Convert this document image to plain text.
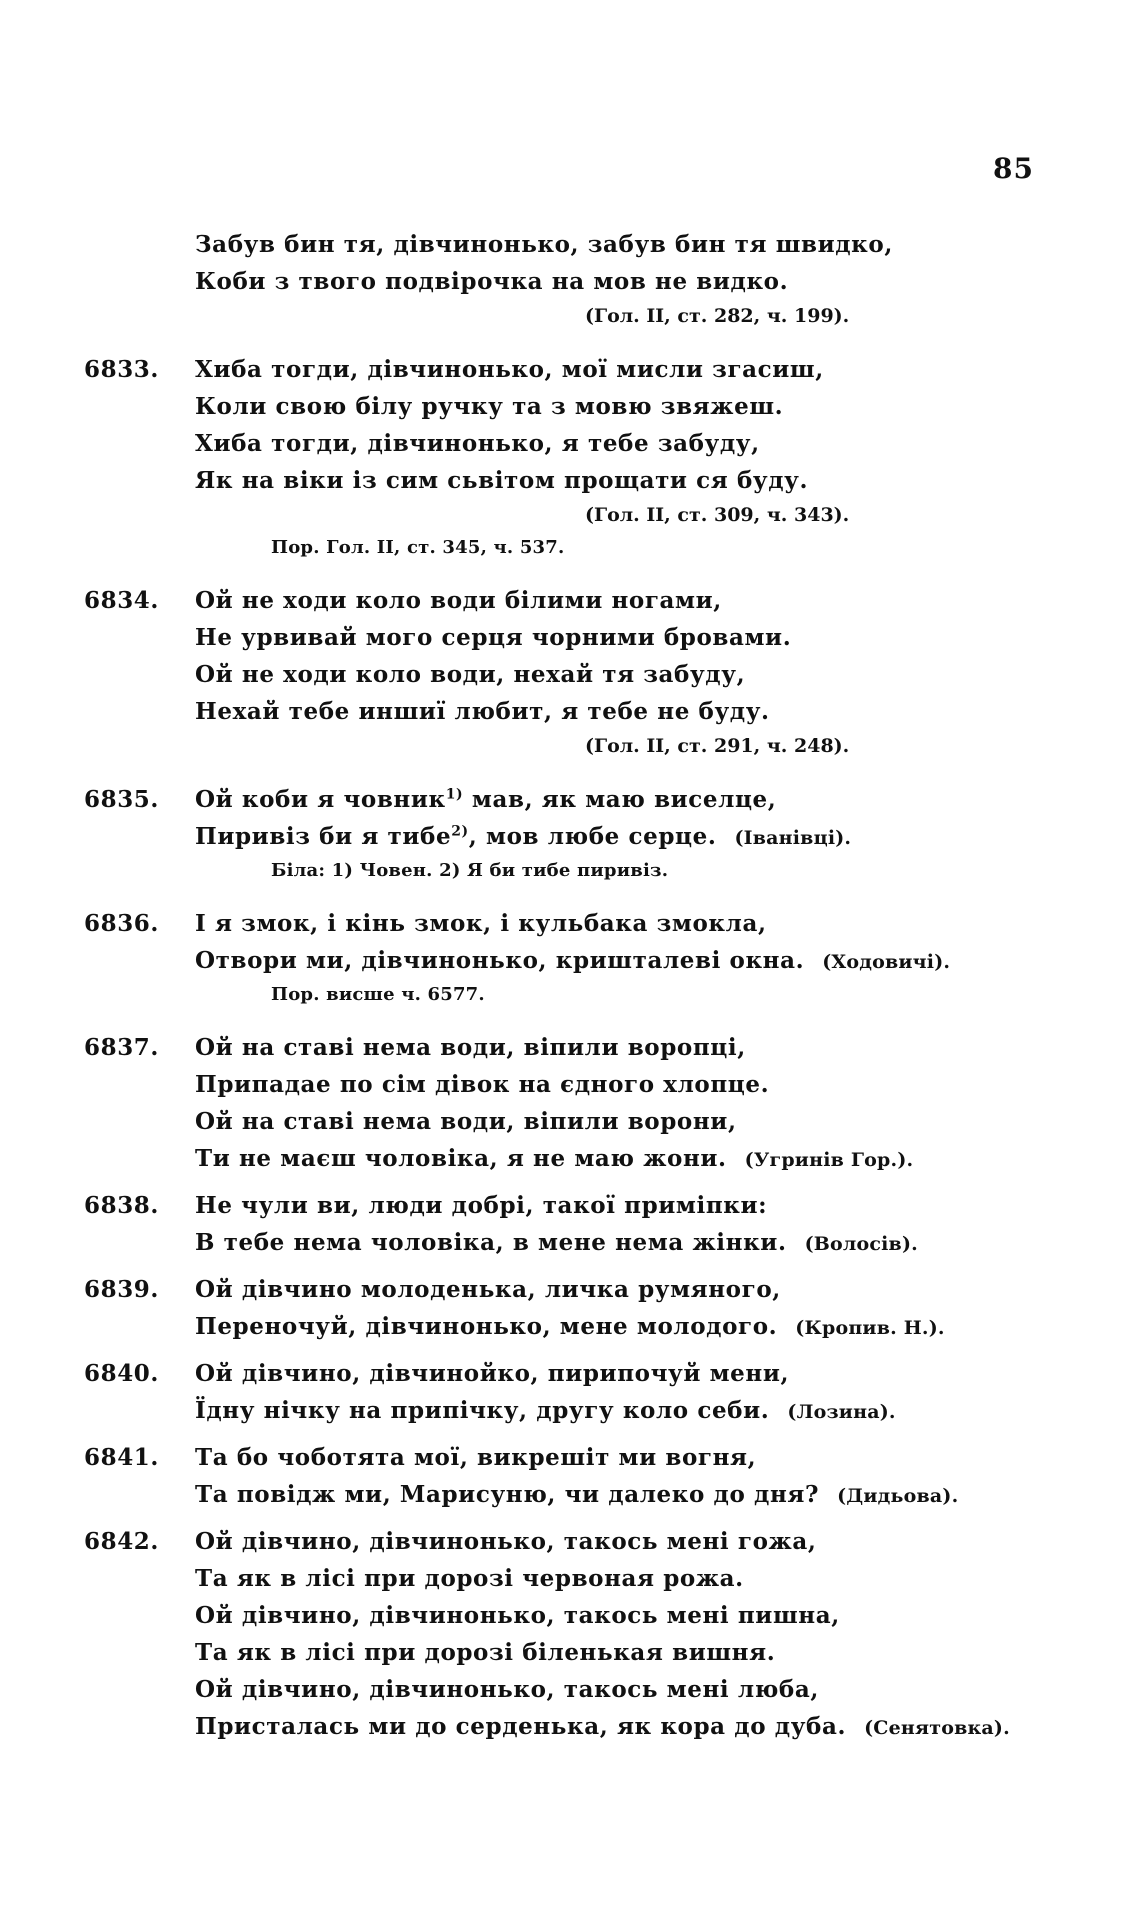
85
Забув бин тя, дівчинонько, забув бин тя швидко,
Коби з твого подвірочка на мов не видко.
(Гол. II, ст. 282, ч. 199).
6833. Хиба тогди, дівчинонько, мої мисли згасиш,
Коли свою білу ручку та з мовю звяжеш.
Хиба тогди, дівчинонько, я тебе забуду,
Як на віки із сим сьвітом прощати ся буду.
(Гол. II, ст. 309, ч. 343).
Пор. Гол. II, ст. 345, ч. 537.
6834. Ой не ходи коло води білими ногами,
Не урвивай мого серця чорними бровами.
Ой не ходи коло води, нехай тя забуду,
Нехай тебе иншиї любит, я тебе не буду.
(Гол. II, ст. 291, ч. 248).
6835. Ой коби я човник$^{1)}$ мав, як маю виселце,
Пиривіз би я тибе$^{2)}$, мов любе серце. (Іванівці).
Біла: 1) Човен. 2) Я би тибе пиривіз.
6836. І я змок, і кінь змок, і кульбака змокла,
Отвори ми, дівчинонько, кришталеві окна. (Ходовичі).
Пор. висше ч. 6577.
6837. Ой на ставі нема води, віпили воропці,
Припадае по сім дівок на єдного хлопце.
Ой на ставі нема води, віпили ворони,
Ти не маєш чоловіка, я не маю жони. (Угринів Гор.).
6838. Не чули ви, люди добрі, такої приміпки:
В тебе нема чоловіка, в мене нема жінки. (Волосів).
6839. Ой дівчино молоденька, личка румяного,
Переночуй, дівчинонько, мене молодого. (Кропив. Н.).
6840. Ой дівчино, дівчинойко, пирипочуй мени,
Їдну нічку на припічку, другу коло себи. (Лозина).
6841. Та бо чоботята мої, викрешіт ми вогня,
Та повідж ми, Марисуню, чи далеко до дня? (Дидьова).
6842. Ой дівчино, дівчинонько, такось мені гожа,
Та як в лісі при дорозі червоная рожа.
Ой дівчино, дівчинонько, такось мені пишна,
Та як в лісі при дорозі біленькая вишня.
Ой дівчино, дівчинонько, такось мені люба,
Присталась ми до серденька, як кора до дуба. (Сенятовка).
